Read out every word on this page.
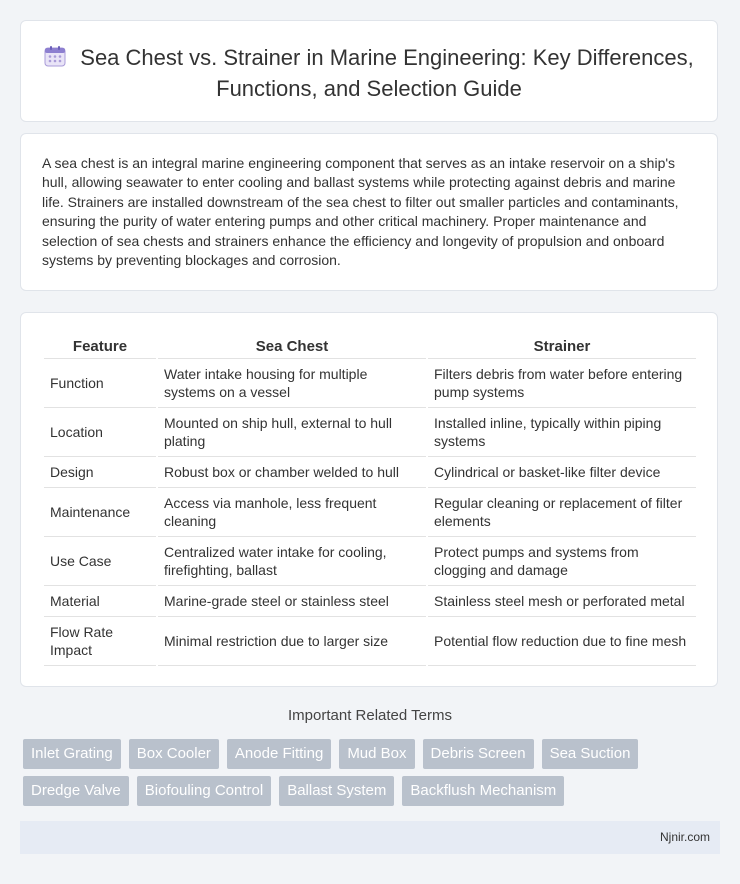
Sea Chest vs. Strainer in Marine Engineering: Key Differences, Functions, and Selection Guide
A sea chest is an integral marine engineering component that serves as an intake reservoir on a ship's hull, allowing seawater to enter cooling and ballast systems while protecting against debris and marine life. Strainers are installed downstream of the sea chest to filter out smaller particles and contaminants, ensuring the purity of water entering pumps and other critical machinery. Proper maintenance and selection of sea chests and strainers enhance the efficiency and longevity of propulsion and onboard systems by preventing blockages and corrosion.
Feature	Sea Chest	Strainer
Function	Water intake housing for multiple systems on a vessel	Filters debris from water before entering pump systems
Location	Mounted on ship hull, external to hull plating	Installed inline, typically within piping systems
Design	Robust box or chamber welded to hull	Cylindrical or basket-like filter device
Maintenance	Access via manhole, less frequent cleaning	Regular cleaning or replacement of filter elements
Use Case	Centralized water intake for cooling, firefighting, ballast	Protect pumps and systems from clogging and damage
Material	Marine-grade steel or stainless steel	Stainless steel mesh or perforated metal
Flow Rate Impact	Minimal restriction due to larger size	Potential flow reduction due to fine mesh
Important Related Terms
Inlet Grating	Box Cooler	Anode Fitting	Mud Box	Debris Screen	Sea Suction
Dredge Valve	Biofouling Control	Ballast System	Backflush Mechanism
Njnir.com
